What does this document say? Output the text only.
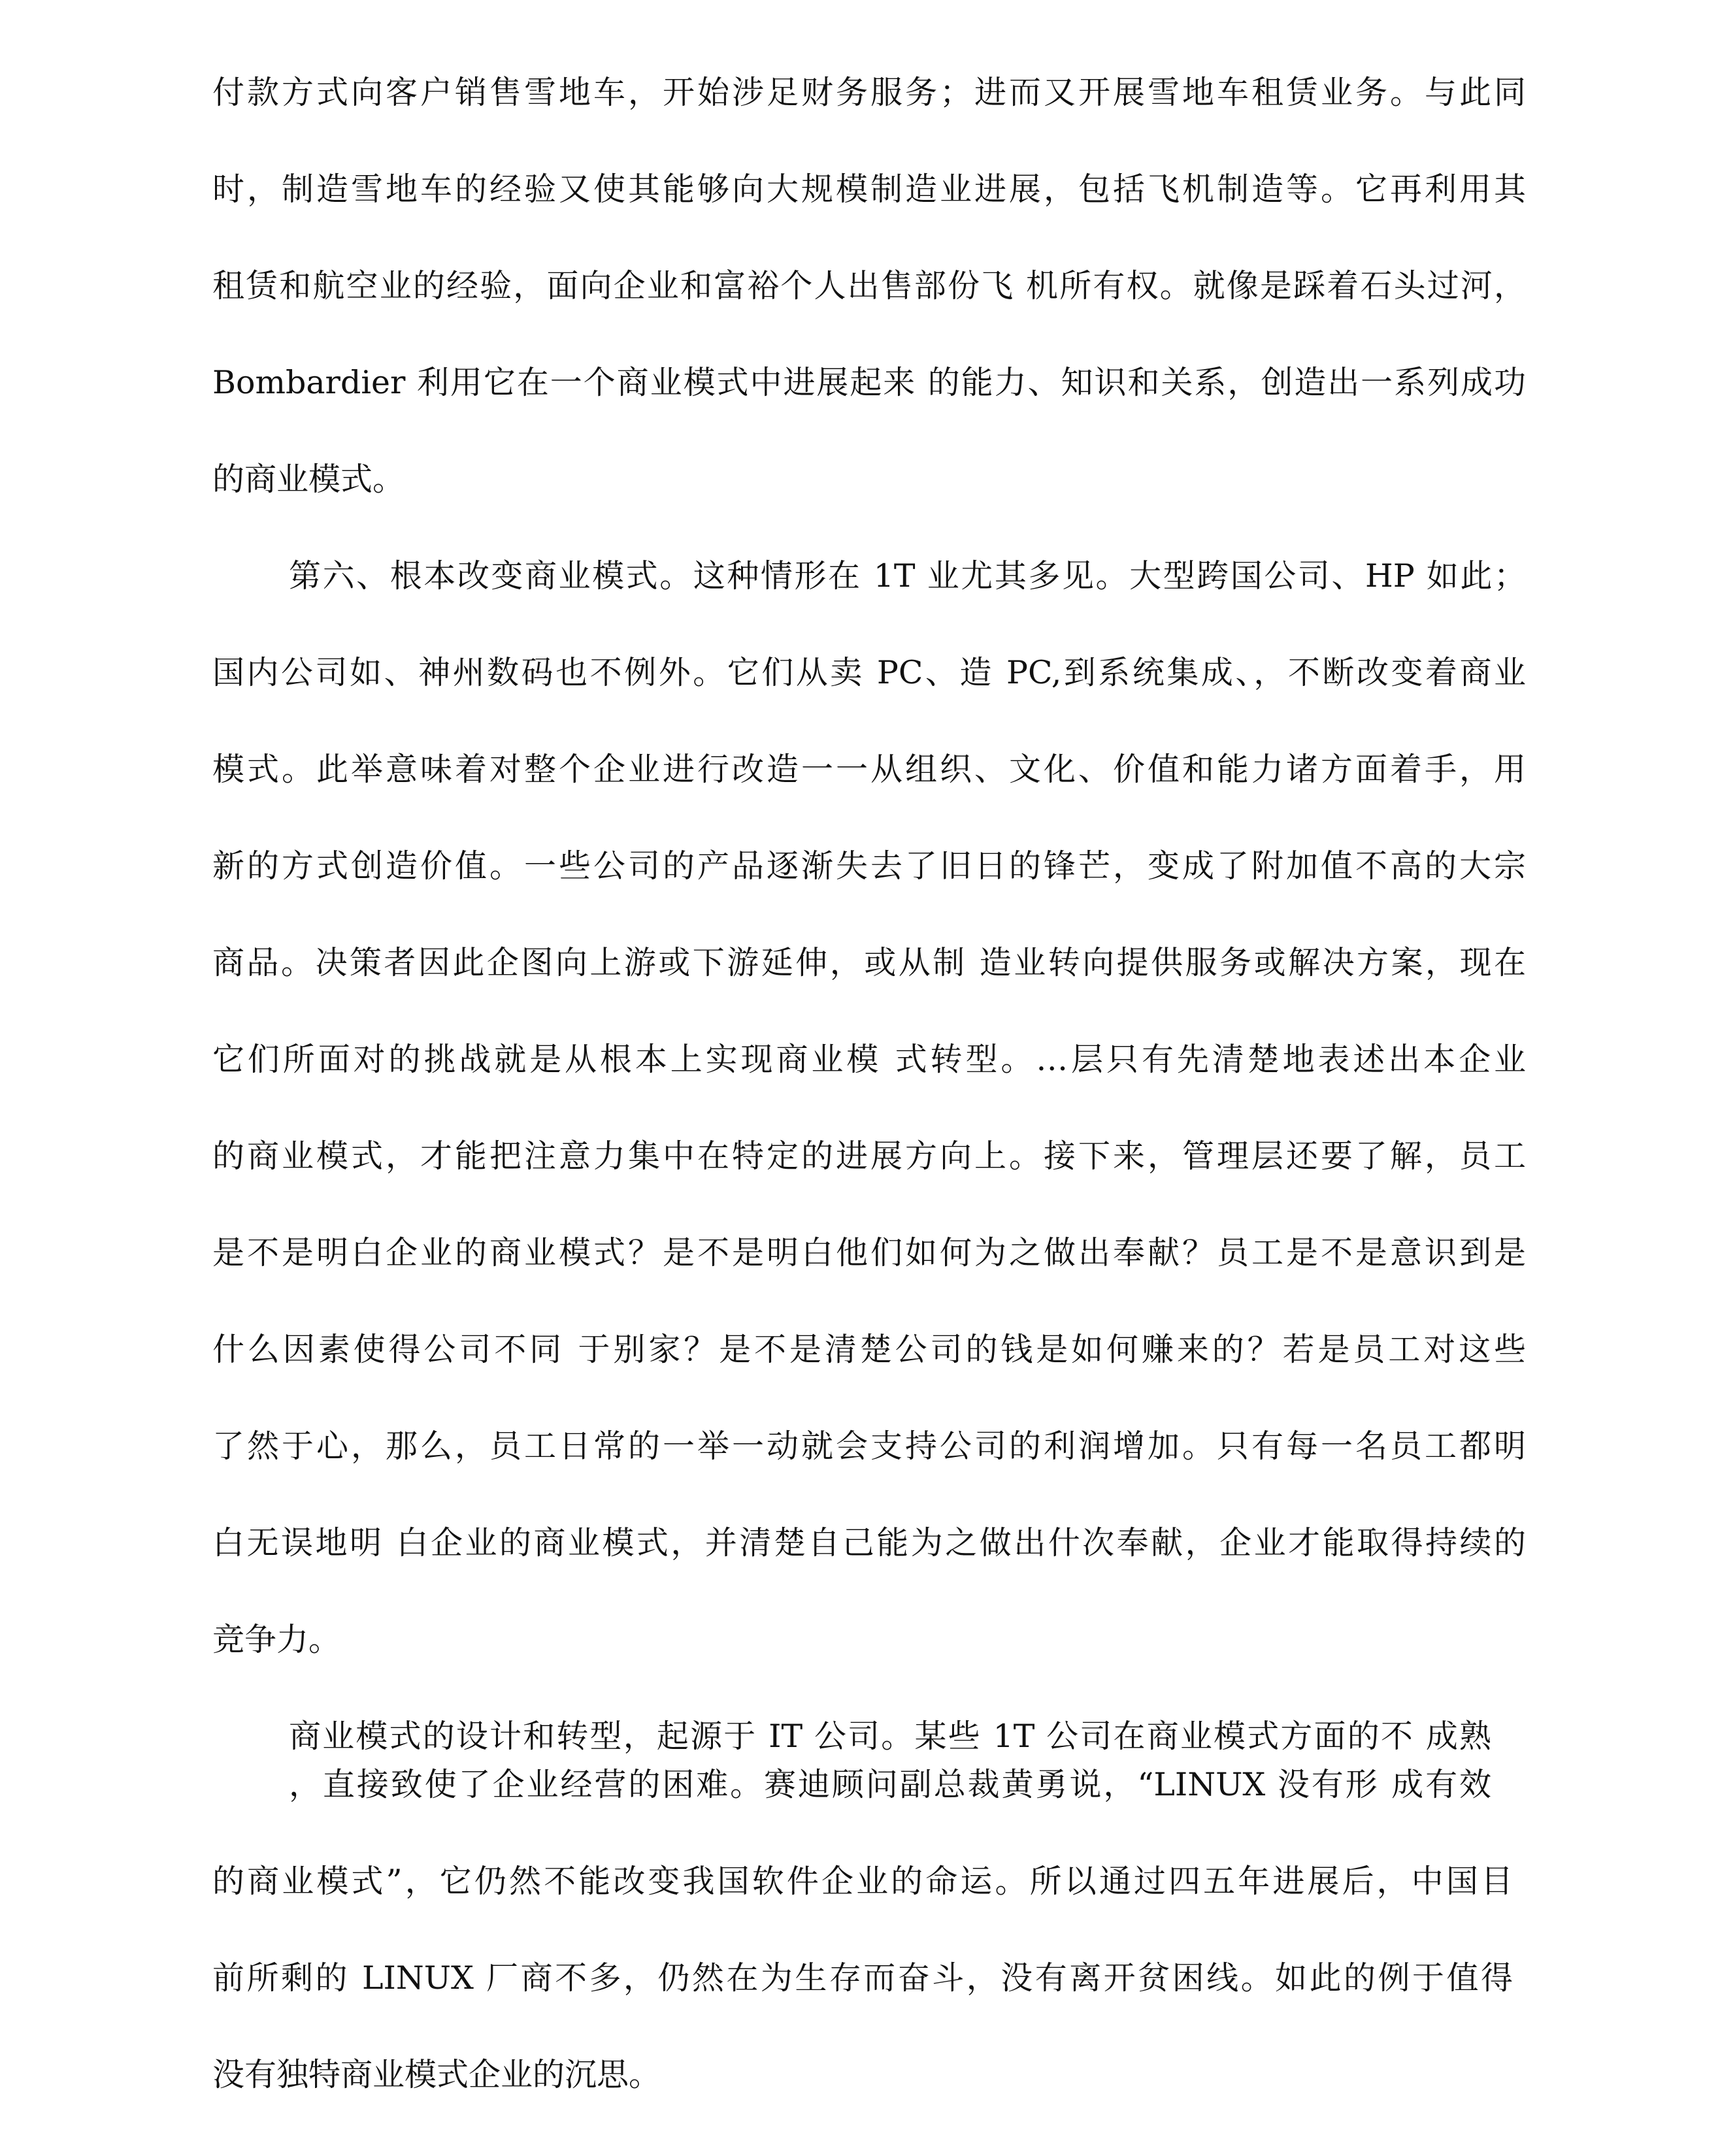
付款方式向客户销售雪地车，开始涉足财务服务；进而又开展雪地车租赁业务。与此同
时，制造雪地车的经验又使其能够向大规模制造业进展，包括飞机制造等。它再利用其
租赁和航空业的经验，面向企业和富裕个人出售部份飞 机所有权。就像是踩着石头过河，
Bombardier 利用它在一个商业模式中进展起来 的能力、知识和关系，创造出一系列成功
的商业模式。
第六、根本改变商业模式。这种情形在 1T 业尤其多见。大型跨国公司、HP 如此；
国内公司如、神州数码也不例外。它们从卖 PC、造 PC,到系统集成、，不断改变着商业
模式。此举意味着对整个企业进行改造一一从组织、文化、价值和能力诸方面着手，用
新的方式创造价值。一些公司的产品逐渐失去了旧日的锋芒，变成了附加值不高的大宗
商品。决策者因此企图向上游或下游延伸，或从制 造业转向提供服务或解决方案，现在
它们所面对的挑战就是从根本上实现商业模 式转型。…层只有先清楚地表述出本企业
的商业模式，才能把注意力集中在特定的进展方向上。接下来，管理层还要了解，员工
是不是明白企业的商业模式？是不是明白他们如何为之做出奉献？员工是不是意识到是
什么因素使得公司不同 于别家？是不是清楚公司的钱是如何赚来的？若是员工对这些
了然于心，那么，员工日常的一举一动就会支持公司的利润增加。只有每一名员工都明
白无误地明 白企业的商业模式，并清楚自己能为之做出什次奉献，企业才能取得持续的
竞争力。
商业模式的设计和转型，起源于 IT 公司。某些 1T 公司在商业模式方面的不 成熟
，直接致使了企业经营的困难。赛迪顾问副总裁黄勇说，“LINUX 没有形 成有效
的商业模式”，它仍然不能改变我国软件企业的命运。所以通过四五年进展后，中国目
前所剩的 LINUX 厂商不多，仍然在为生存而奋斗，没有离开贫困线。如此的例于值得
没有独特商业模式企业的沉思。
